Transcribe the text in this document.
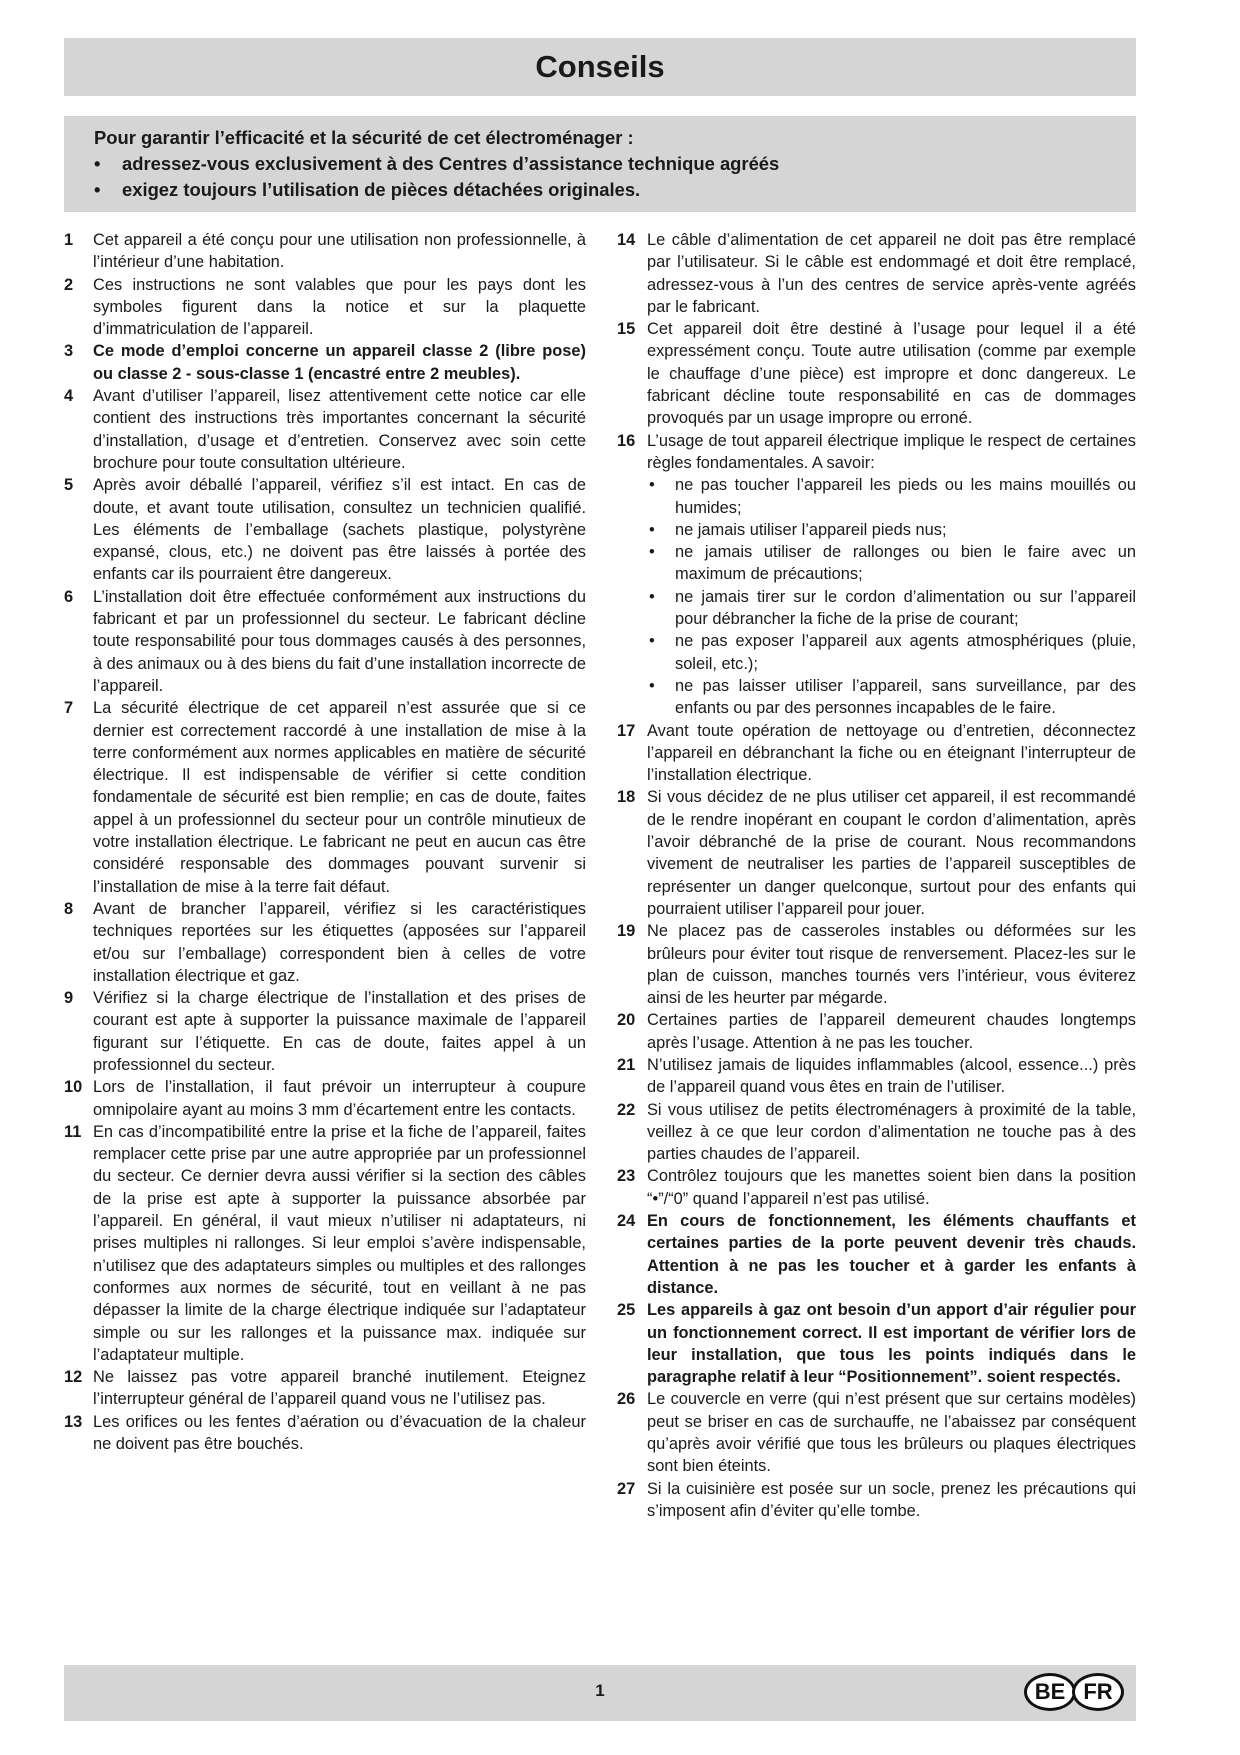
Conseils
Pour garantir l’efficacité et la sécurité de cet électroménager :
•	adressez-vous exclusivement à des Centres d’assistance technique agréés
•	exigez toujours l’utilisation de pièces détachées originales.
1	Cet appareil a été conçu pour une utilisation non professionnelle, à l’intérieur d’une habitation.
2	Ces instructions ne sont valables que pour les pays dont les symboles figurent dans la notice et sur la plaquette d’immatriculation de l’appareil.
3	Ce mode d’emploi concerne un appareil classe 2 (libre pose) ou classe 2 - sous-classe 1 (encastré entre 2 meubles).
4	Avant d’utiliser l’appareil, lisez attentivement cette notice car elle contient des instructions très importantes concernant la sécurité d’installation, d’usage et d’entretien. Conservez avec soin cette brochure pour toute consultation ultérieure.
5	Après avoir déballé l’appareil, vérifiez s’il est intact. En cas de doute, et avant toute utilisation, consultez un technicien qualifié. Les éléments de l’emballage (sachets plastique, polystyrène expansé, clous, etc.) ne doivent pas être laissés à portée des enfants car ils pourraient être dangereux.
6	L’installation doit être effectuée conformément aux instructions du fabricant et par un professionnel du secteur. Le fabricant décline toute responsabilité pour tous dommages causés à des personnes, à des animaux ou à des biens du fait d’une installation incorrecte de l’appareil.
7	La sécurité électrique de cet appareil n’est assurée que si ce dernier est correctement raccordé à une installation de mise à la terre conformément aux normes applicables en matière de sécurité électrique. Il est indispensable de vérifier si cette condition fondamentale de sécurité est bien remplie; en cas de doute, faites appel à un professionnel du secteur pour un contrôle minutieux de votre installation électrique. Le fabricant ne peut en aucun cas être considéré responsable des dommages pouvant survenir si l’installation de mise à la terre fait défaut.
8	Avant de brancher l’appareil, vérifiez si les caractéristiques techniques reportées sur les étiquettes (apposées sur l’appareil et/ou sur l’emballage) correspondent bien à celles de votre installation électrique et gaz.
9	Vérifiez si la charge électrique de l’installation et des prises de courant est apte à supporter la puissance maximale de l’appareil figurant sur l’étiquette. En cas de doute, faites appel à un professionnel du secteur.
10 Lors de l’installation, il faut prévoir un interrupteur à coupure omnipolaire ayant au moins 3 mm d’écartement entre les contacts.
11 En cas d’incompatibilité entre la prise et la fiche de l’appareil, faites remplacer cette prise par une autre appropriée par un professionnel du secteur. Ce dernier devra aussi vérifier si la section des câbles de la prise est apte à supporter la puissance absorbée par l’appareil. En général, il vaut mieux n’utiliser ni adaptateurs, ni prises multiples ni rallonges. Si leur emploi s’avère indispensable, n’utilisez que des adaptateurs simples ou multiples et des rallonges conformes aux normes de sécurité, tout en veillant à ne pas dépasser la limite de la charge électrique indiquée sur l’adaptateur simple ou sur les rallonges et la puissance max. indiquée sur l’adaptateur multiple.
12 Ne laissez pas votre appareil branché inutilement. Eteignez l’interrupteur général de l’appareil quand vous ne l’utilisez pas.
13 Les orifices ou les fentes d’aération ou d’évacuation de la chaleur ne doivent pas être bouchés.
14 Le câble d’alimentation de cet appareil ne doit pas être remplacé par l’utilisateur. Si le câble est endommagé et doit être remplacé, adressez-vous à l’un des centres de service après-vente agréés par le fabricant.
15 Cet appareil doit être destiné à l’usage pour lequel il a été expressément conçu. Toute autre utilisation (comme par exemple le chauffage d’une pièce) est impropre et donc dangereux. Le fabricant décline toute responsabilité en cas de dommages provoqués par un usage impropre ou erroné.
16 L’usage de tout appareil électrique implique le respect de certaines règles fondamentales. A savoir:
•	ne pas toucher l’appareil les pieds ou les mains mouillés ou humides;
•	ne jamais utiliser l’appareil pieds nus;
•	ne jamais utiliser de rallonges ou bien le faire avec un maximum de précautions;
•	ne jamais tirer sur le cordon d’alimentation ou sur l’appareil pour débrancher la fiche de la prise de courant;
•	ne pas exposer l’appareil aux agents atmosphériques (pluie, soleil, etc.);
•	ne pas laisser utiliser l’appareil, sans surveillance, par des enfants ou par des personnes incapables de le faire.
17 Avant toute opération de nettoyage ou d’entretien, déconnectez l’appareil en débranchant la fiche ou en éteignant l’interrupteur de l’installation électrique.
18 Si vous décidez de ne plus utiliser cet appareil, il est recommandé de le rendre inopérant en coupant le cordon d’alimentation, après l’avoir débranché de la prise de courant. Nous recommandons vivement de neutraliser les parties de l’appareil susceptibles de représenter un danger quelconque, surtout pour des enfants qui pourraient utiliser l’appareil pour jouer.
19 Ne placez pas de casseroles instables ou déformées sur les brûleurs pour éviter tout risque de renversement. Placez-les sur le plan de cuisson, manches tournés vers l’intérieur, vous éviterez ainsi de les heurter par mégarde.
20 Certaines parties de l’appareil demeurent chaudes longtemps après l’usage. Attention à ne pas les toucher.
21 N’utilisez jamais de liquides inflammables (alcool, essence...) près de l’appareil quand vous êtes en train de l’utiliser.
22 Si vous utilisez de petits électroménagers à proximité de la table, veillez à ce que leur cordon d’alimentation ne touche pas à des parties chaudes de l’appareil.
23 Contrôlez toujours que les manettes soient bien dans la position “•”/“0” quand l’appareil n’est pas utilisé.
24 En cours de fonctionnement, les éléments chauffants et certaines parties de la porte peuvent devenir très chauds. Attention à ne pas les toucher et à garder les enfants à distance.
25 Les appareils à gaz ont besoin d’un apport d’air régulier pour un fonctionnement correct. Il est important de vérifier lors de leur installation, que tous les points indiqués dans le paragraphe relatif à leur “Positionnement”. soient respectés.
26 Le couvercle en verre (qui n’est présent que sur certains modèles) peut se briser en cas de surchauffe, ne l’abaissez par conséquent qu’après avoir vérifié que tous les brûleurs ou plaques électriques sont bien éteints.
27 Si la cuisinière est posée sur un socle, prenez les précautions qui s’imposent afin d’éviter qu’elle tombe.
1	BE FR
